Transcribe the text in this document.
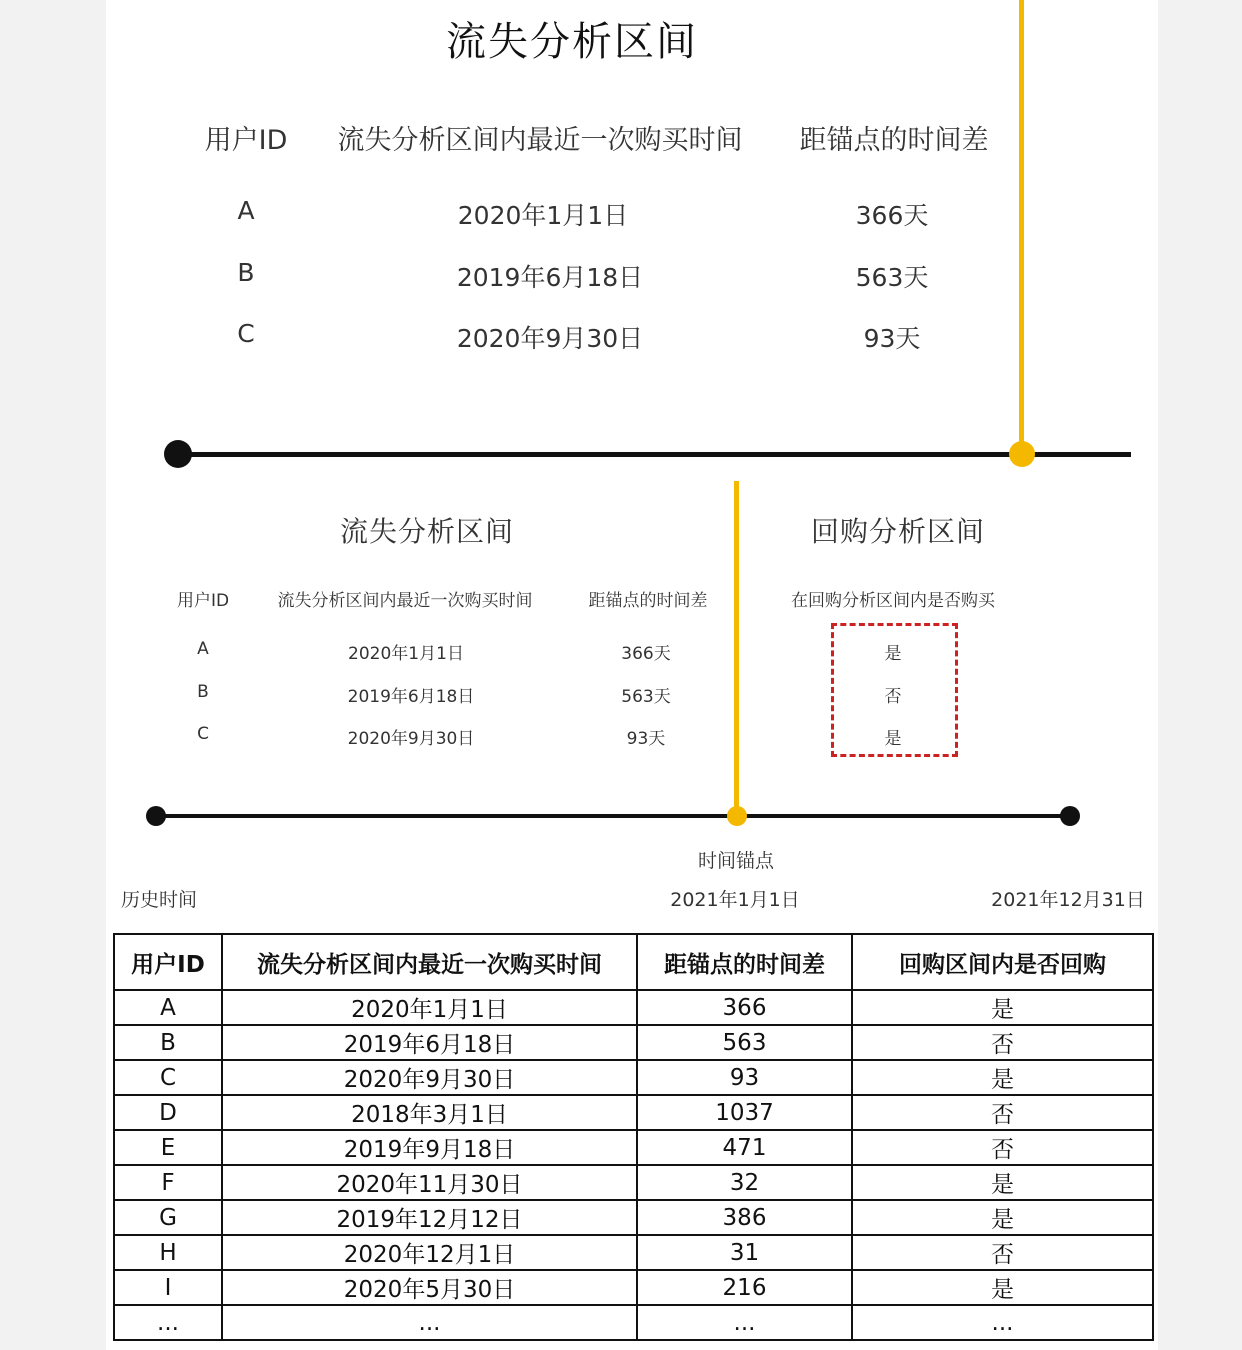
流失分析区间
用户ID 流失分析区间内最近一次购买时间 距锚点的时间差
A	2020年1月1日	366天
B	2019年6月18日	563天
C	2020年9月30日	93天
流失分析区间	回购分析区间
用户ID	流失分析区间内最近一次购买时间	距锚点的时间差	在回购分析区间内是否购买
A	2020年1月1日	366天	是
B	2019年6月18日	563天	否
C	2020年9月30日	93天	是
时间锚点
历史时间	2021年1月1日	2021年12月31日
用户ID	流失分析区间内最近一次购买时间	距锚点的时间差	回购区间内是否回购
A	2020年1月1日	366	是
B	2019年6月18日	563	否
C	2020年9月30日	93	是
D	2018年3月1日	1037	否
E	2019年9月18日	471	否
F	2020年11月30日	32	是
G	2019年12月12日	386	是
H	2020年12月1日	31	否
I	2020年5月30日	216	是
...	...	...	...
